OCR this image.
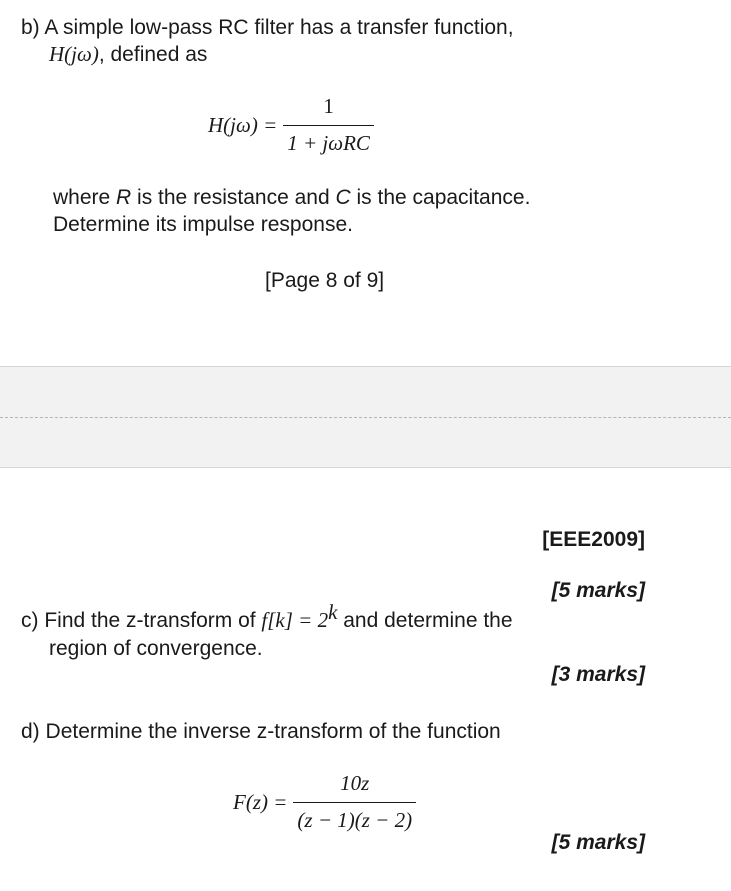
b) A simple low-pass RC filter has a transfer function,
H(jω), defined as
$H(j\omega) = \frac{1}{\text{1 + jωRC}}$
where R is the resistance and C is the capacitance.
Determine its impulse response.
[Page 8 of 9]
[EEE2009]
[5 marks]
c) Find the z-transform of $f[k] = 2^k$ and determine the
region of convergence.
[3 marks]
d) Determine the inverse z-transform of the function
$F(z) = \frac{10z}{(z - 1)(z - 2)}$
[5 marks]
